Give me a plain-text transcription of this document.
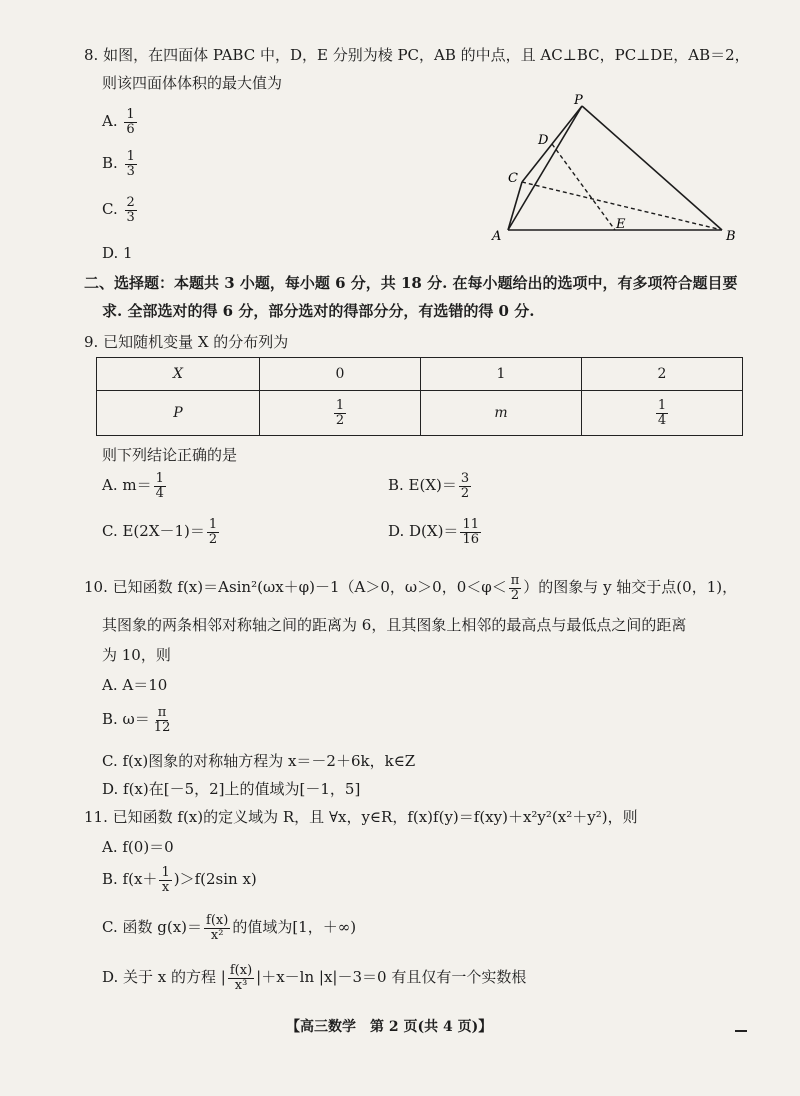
8. 如图，在四面体 PABC 中，D，E 分别为棱 PC，AB 的中点，且 AC⊥BC，PC⊥DE，AB＝2，
则该四面体体积的最大值为
A. $\frac{1}{6}$
B. $\frac{1}{3}$
C. $\frac{2}{3}$
D. 1
P
D
C
A
E
B
二、选择题：本题共 3 小题，每小题 6 分，共 18 分. 在每小题给出的选项中，有多项符合题目要
求. 全部选对的得 6 分，部分选对的得部分分，有选错的得 0 分.
9. 已知随机变量 X 的分布列为
X	0	1	2
P	$\frac{1}{2}$	m	$\frac{1}{4}$
则下列结论正确的是
A. $m= \frac{1}{4}$	B. $E(X)= \frac{3}{2}$
C. $E(2X-1)= \frac{1}{2}$	D. $D(X)= \frac{11}{16}$
10. 已知函数 f(x)＝Asin²(ωx＋φ)－1（A＞0，ω＞0，$0<\varphi< \frac{\pi}{2}$ ）的图象与 y 轴交于点(0，1)，
其图象的两条相邻对称轴之间的距离为 6，且其图象上相邻的最高点与最低点之间的距离
为 10，则
A. A＝10
B. $\omega= \frac{\pi}{12}$
C. f(x)图象的对称轴方程为 x＝－2＋6k，k∈Z
D. f(x)在[－5，2]上的值域为[－1，5]
11. 已知函数 f(x)的定义域为 R，且 ∀x，y∈R，f(x)f(y)＝f(xy)＋x²y²(x²＋y²)，则
A. f(0)＝0
B. $f(x+ \frac{1}{x} )>f(2\sin$ x)
C. 函数 $g(x)= \frac{f(x)}{\text{x²}}$ 的值域为[1，＋∞)
D. 关于 x 的方程 | $\frac{f(x)}{\text{x³}} |+x-\ln$ |x|－3＝0 有且仅有一个实数根
【高三数学　第 2 页(共 4 页)】
